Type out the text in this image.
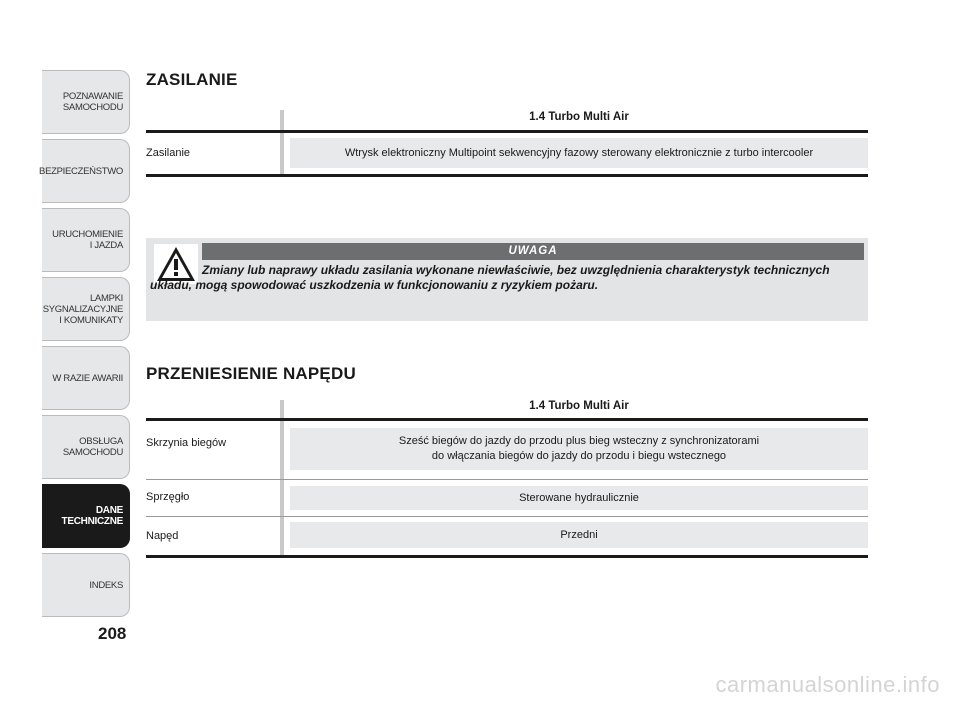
POZNAWANIE
SAMOCHODU
BEZPIECZEŃSTWO
URUCHOMIENIE
I JAZDA
LAMPKI
SYGNALIZACYJNE
I KOMUNIKATY
W RAZIE AWARII
OBSŁUGA
SAMOCHODU
DANE
TECHNICZNE
INDEKS
208
ZASILANIE
1.4 Turbo Multi Air
Zasilanie	Wtrysk elektroniczny Multipoint sekwencyjny fazowy sterowany elektronicznie z turbo intercooler
UWAGA
Zmiany lub naprawy układu zasilania wykonane niewłaściwie, bez uwzględnienia charakterystyk technicznych układu, mogą spowodować uszkodzenia w funkcjonowaniu z ryzykiem pożaru.
PRZENIESIENIE NAPĘDU
1.4 Turbo Multi Air
Skrzynia biegów	Sześć biegów do jazdy do przodu plus bieg wsteczny z synchronizatorami
do włączania biegów do jazdy do przodu i biegu wstecznego
Sprzęgło	Sterowane hydraulicznie
Napęd	Przedni
carmanualsonline.info
